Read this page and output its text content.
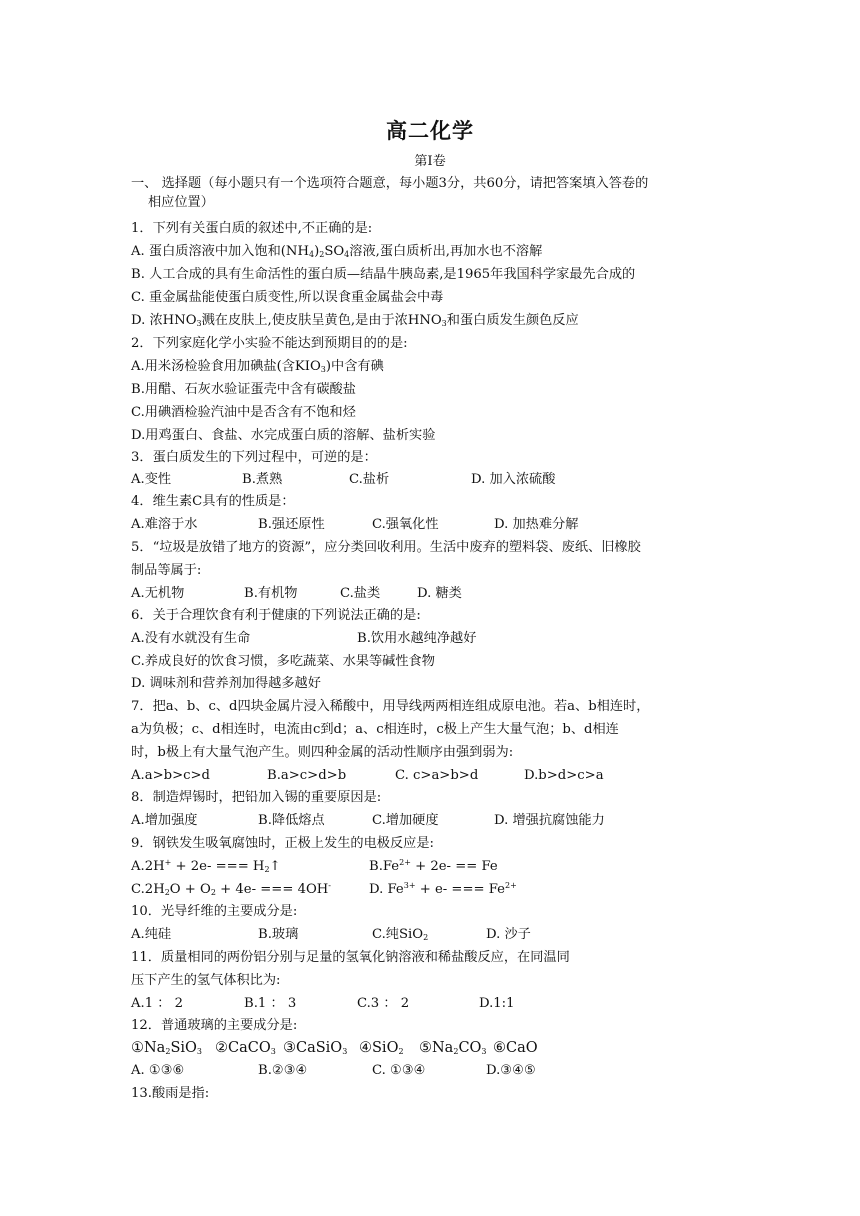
高二化学
第Ⅰ卷
一、 选择题（每小题只有一个选项符合题意，每小题3分，共60分，请把答案填入答卷的
相应位置）
1．下列有关蛋白质的叙述中,不正确的是:
A. 蛋白质溶液中加入饱和$(NH_4)_2SO_4$溶液,蛋白质析出,再加水也不溶解
B. 人工合成的具有生命活性的蛋白质—结晶牛胰岛素,是1965年我国科学家最先合成的
C. 重金属盐能使蛋白质变性,所以误食重金属盐会中毒
D. 浓$HNO_3$溅在皮肤上,使皮肤呈黄色,是由于浓$HNO_3$和蛋白质发生颜色反应
2．下列家庭化学小实验不能达到预期目的的是:
A.用米汤检验食用加碘盐(含$KIO_3$)中含有碘
B.用醋、石灰水验证蛋壳中含有碳酸盐
C.用碘酒检验汽油中是否含有不饱和烃
D.用鸡蛋白、食盐、水完成蛋白质的溶解、盐析实验
3．蛋白质发生的下列过程中，可逆的是：
A.变性	B.煮熟	C.盐析	D. 加入浓硫酸
4．维生素C具有的性质是：
A.难溶于水	B.强还原性	C.强氧化性	D. 加热难分解
5．“垃圾是放错了地方的资源”，应分类回收利用。生活中废弃的塑料袋、废纸、旧橡胶
制品等属于:
A.无机物	B.有机物	C.盐类	D. 糖类
6．关于合理饮食有利于健康的下列说法正确的是:
A.没有水就没有生命	B.饮用水越纯净越好
C.养成良好的饮食习惯，多吃蔬菜、水果等碱性食物
D. 调味剂和营养剂加得越多越好
7．把a、b、c、d四块金属片浸入稀酸中，用导线两两相连组成原电池。若a、b相连时，
a为负极；c、d相连时，电流由c到d；a、c相连时，c极上产生大量气泡；b、d相连
时，b极上有大量气泡产生。则四种金属的活动性顺序由强到弱为:
A.a>b>c>d	B.a>c>d>b	C. c>a>b>d	D.b>d>c>a
8．制造焊锡时，把铅加入锡的重要原因是:
A.增加强度	B.降低熔点	C.增加硬度	D. 增强抗腐蚀能力
9．钢铁发生吸氧腐蚀时，正极上发生的电极反应是:
A.2H+ + 2e- === $H_2↑$	$B.Fe^{2+} + 2e- == Fe$
$C.2H_2O + O_2 + 4e-$ === 4OH-	D. $Fe^{3+} + e-$ === $Fe^{2+}$
10．光导纤维的主要成分是:
A.纯硅	B.玻璃	C.纯SiO$_2$	D. 沙子
11．质量相同的两份铝分别与足量的氢氧化钠溶液和稀盐酸反应，在同温同
压下产生的氢气体积比为:
A.1 ： 2	B.1 ： 3	C.3 ： 2	D.1:1
12．普通玻璃的主要成分是:
$①Na_2SiO_3$ ②CaCO$_3$ ③CaSiO$_3$ ④SiO$_2$ $⑤Na_2CO_3$ ⑥CaO
A. ①③⑥	B.②③④	C. ①③④	D.③④⑤
13.酸雨是指:
